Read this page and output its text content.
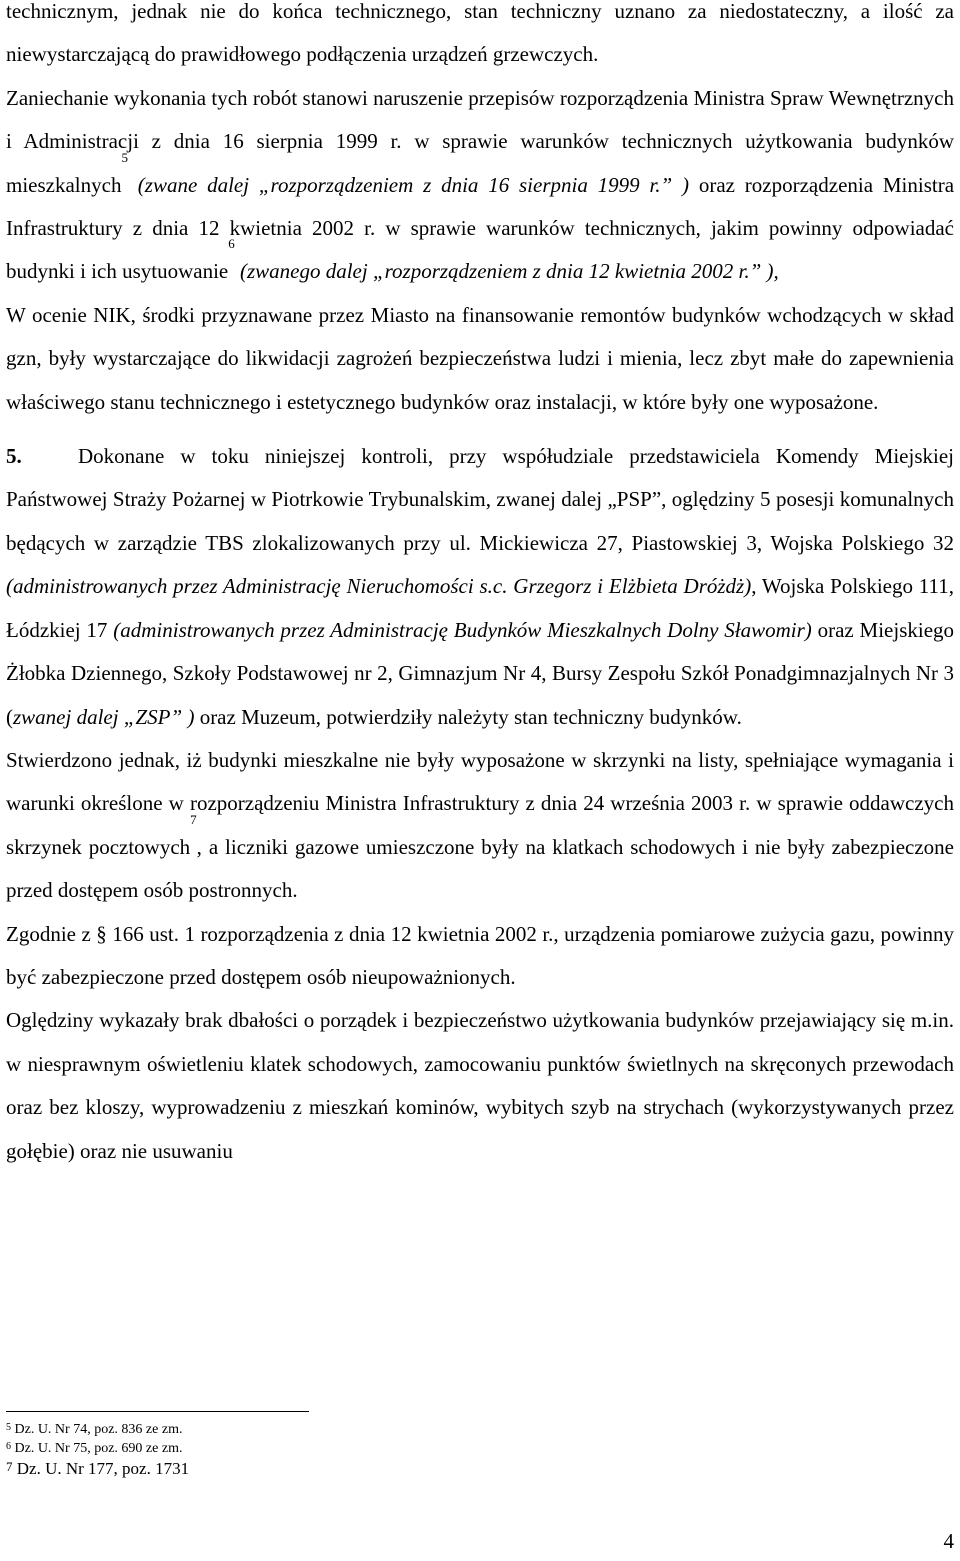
technicznym, jednak nie do końca technicznego, stan techniczny uznano za niedostateczny, a ilość za niewystarczającą do prawidłowego podłączenia urządzeń grzewczych.

Zaniechanie wykonania tych robót stanowi naruszenie przepisów rozporządzenia Ministra Spraw Wewnętrznych i Administracji z dnia 16 sierpnia 1999 r. w sprawie warunków technicznych użytkowania budynków mieszkalnych$^5$ (zwane dalej „rozporządzeniem z dnia 16 sierpnia 1999 r.” ) oraz rozporządzenia Ministra Infrastruktury z dnia 12 kwietnia 2002 r. w sprawie warunków technicznych, jakim powinny odpowiadać budynki i ich usytuowanie$^6$ (zwanego dalej „rozporządzeniem z dnia 12 kwietnia 2002 r.” ),

W ocenie NIK, środki przyznawane przez Miasto na finansowanie remontów budynków wchodzących w skład gzn, były wystarczające do likwidacji zagrożeń bezpieczeństwa ludzi i mienia, lecz zbyt małe do zapewnienia właściwego stanu technicznego i estetycznego budynków oraz instalacji, w które były one wyposażone.

5.	Dokonane w toku niniejszej kontroli, przy współudziale przedstawiciela Komendy Miejskiej Państwowej Straży Pożarnej w Piotrkowie Trybunalskim, zwanej dalej „PSP”, oględziny 5 posesji komunalnych będących w zarządzie TBS zlokalizowanych przy ul. Mickiewicza 27, Piastowskiej 3, Wojska Polskiego 32 (administrowanych przez Administrację Nieruchomości s.c. Grzegorz i Elżbieta Dróżdż), Wojska Polskiego 111, Łódzkiej 17 (administrowanych przez Administrację Budynków Mieszkalnych Dolny Sławomir) oraz Miejskiego Żłobka Dziennego, Szkoły Podstawowej nr 2, Gimnazjum Nr 4, Bursy Zespołu Szkół Ponadgimnazjalnych Nr 3 (zwanej dalej „ZSP” ) oraz Muzeum, potwierdziły należyty stan techniczny budynków.

Stwierdzono jednak, iż budynki mieszkalne nie były wyposażone w skrzynki na listy, spełniające wymagania i warunki określone w rozporządzeniu Ministra Infrastruktury z dnia 24 września 2003 r. w sprawie oddawczych skrzynek pocztowych$^7$, a liczniki gazowe umieszczone były na klatkach schodowych i nie były zabezpieczone przed dostępem osób postronnych.

Zgodnie z § 166 ust. 1 rozporządzenia z dnia 12 kwietnia 2002 r., urządzenia pomiarowe zużycia gazu, powinny być zabezpieczone przed dostępem osób nieupoważnionych.

Oględziny wykazały brak dbałości o porządek i bezpieczeństwo użytkowania budynków przejawiający się m.in. w niesprawnym oświetleniu klatek schodowych, zamocowaniu punktów świetlnych na skręconych przewodach oraz bez kloszy, wyprowadzeniu z mieszkań kominów, wybitych szyb na strychach (wykorzystywanych przez gołębie) oraz nie usuwaniu

$^5$ Dz. U. Nr 74, poz. 836 ze zm.
$^6$ Dz. U. Nr 75, poz. 690 ze zm.
$^7$ Dz. U. Nr 177, poz. 1731
4
